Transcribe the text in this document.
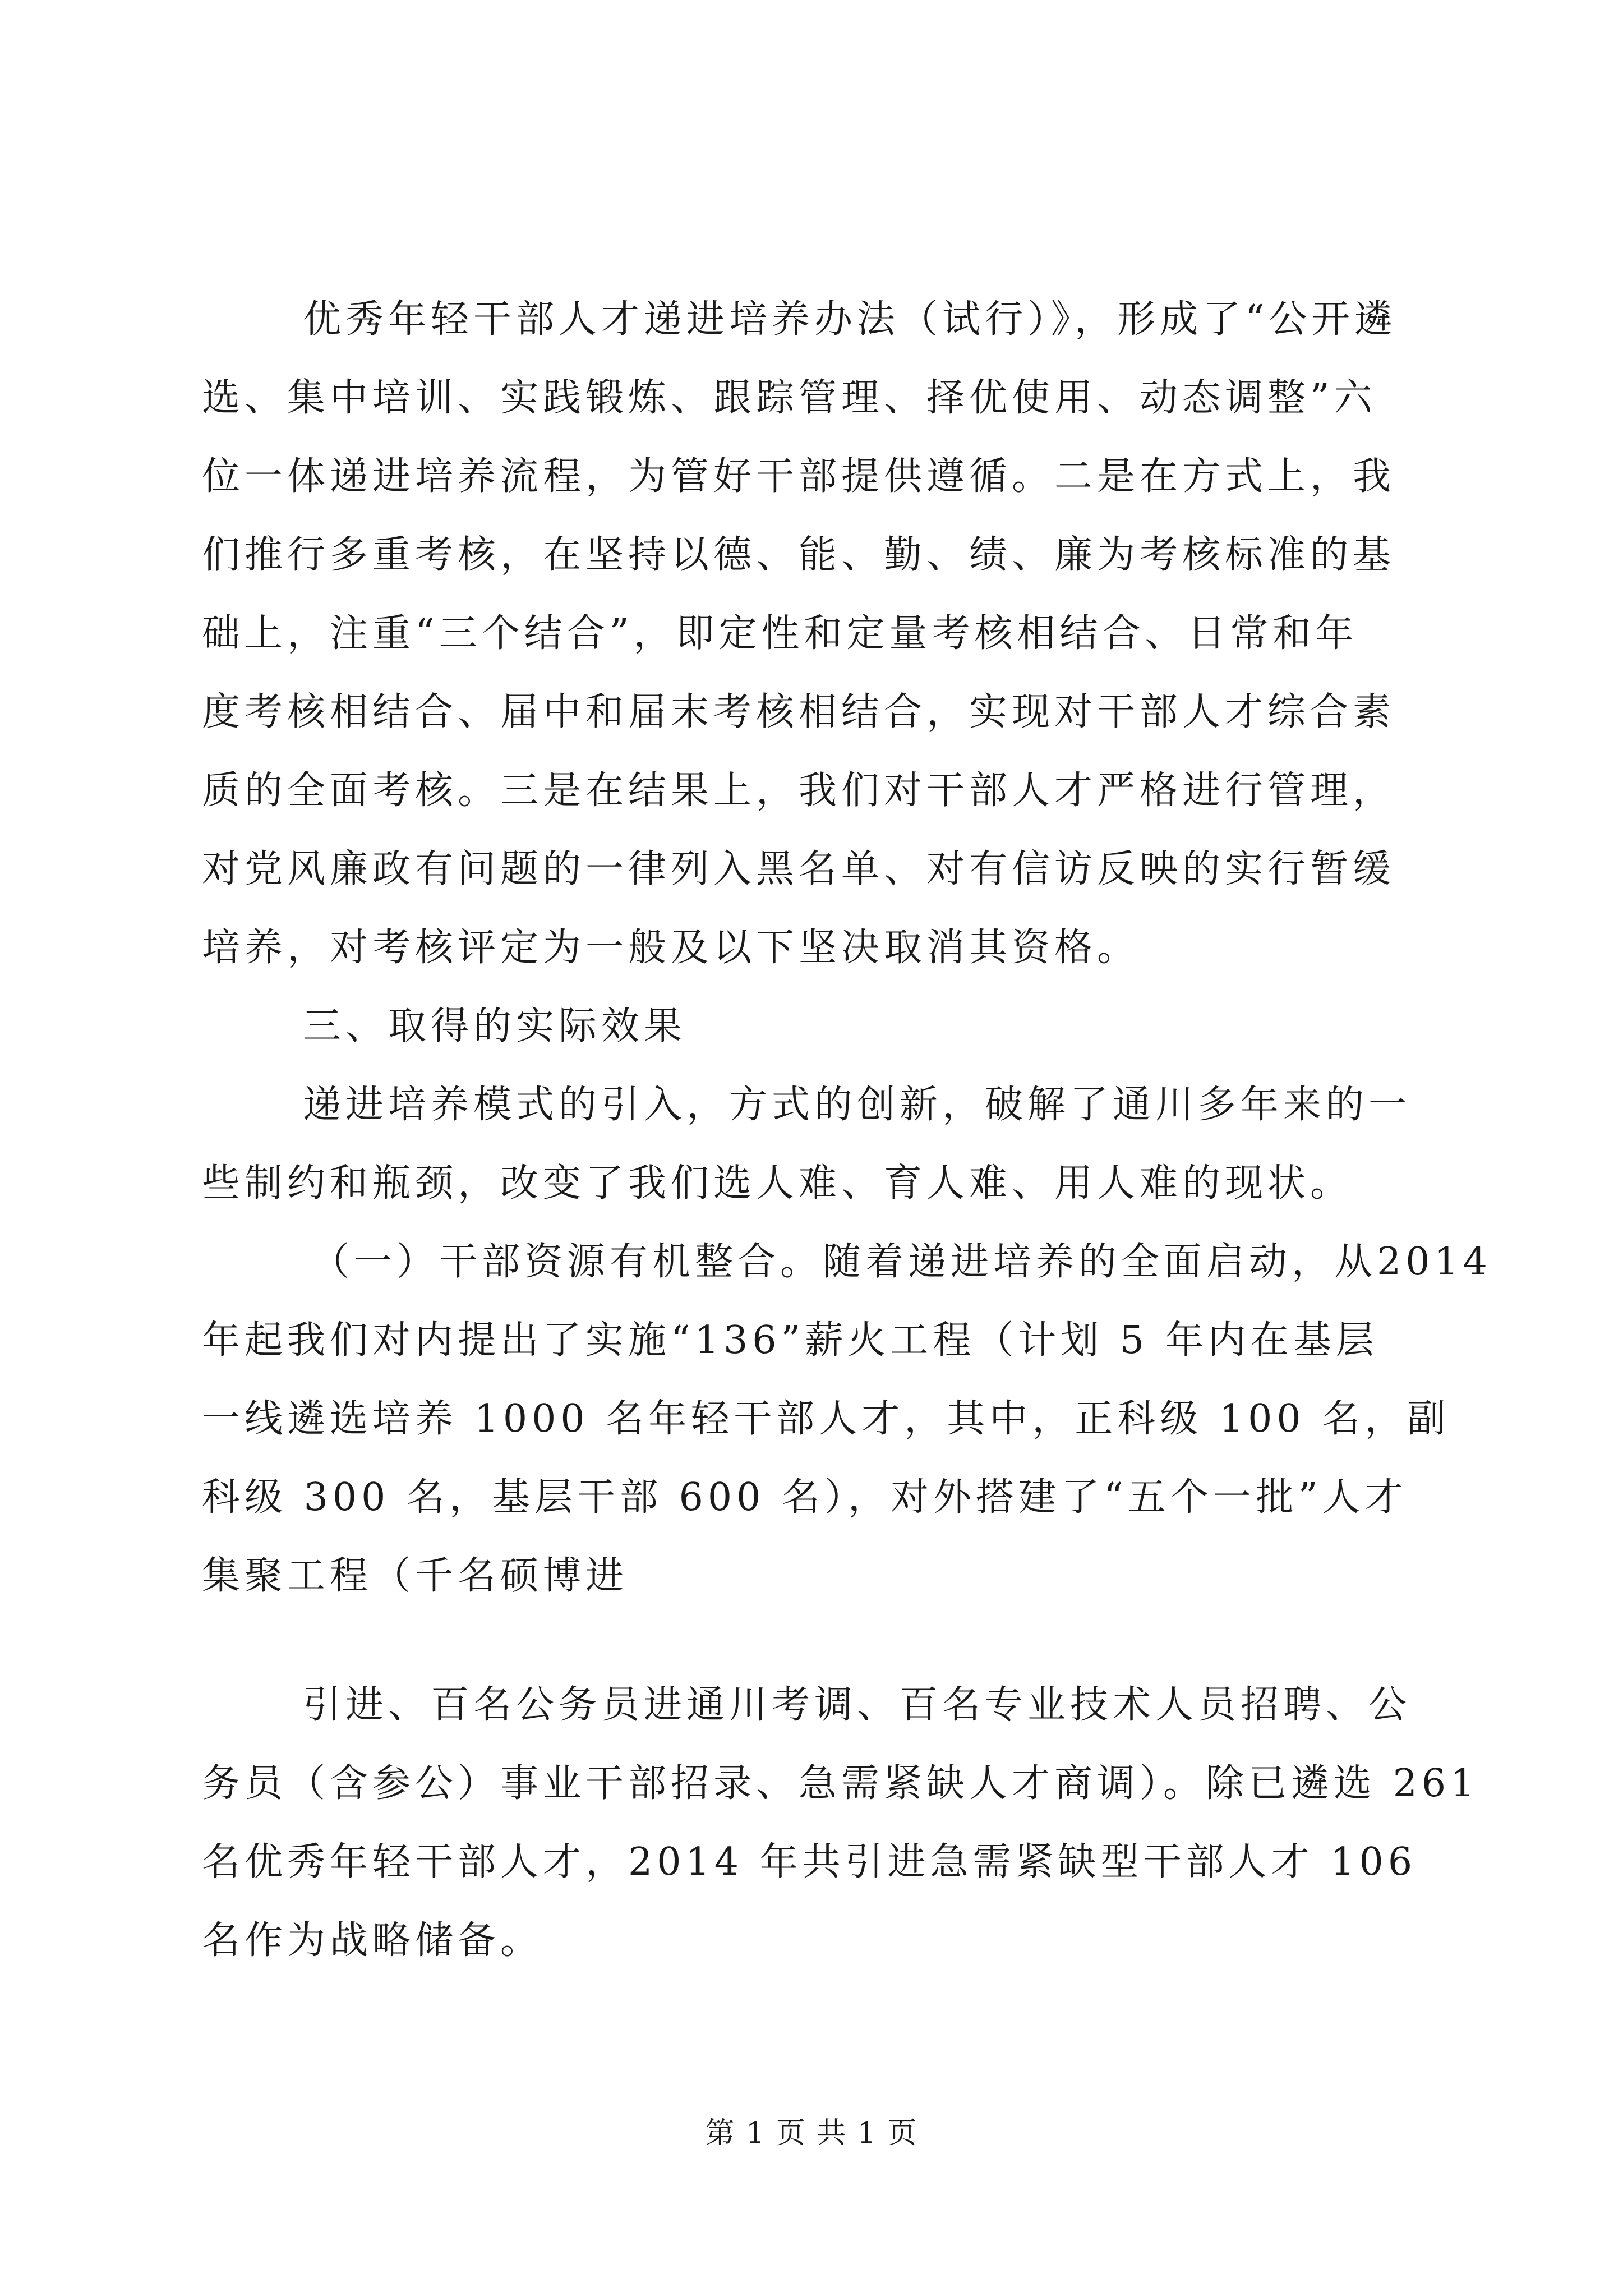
优秀年轻干部人才递进培养办法（试行）》，形成了“公开遴
选、集中培训、实践锻炼、跟踪管理、择优使用、动态调整”六
位一体递进培养流程，为管好干部提供遵循。二是在方式上，我
们推行多重考核，在坚持以德、能、勤、绩、廉为考核标准的基
础上，注重“三个结合”，即定性和定量考核相结合、日常和年
度考核相结合、届中和届末考核相结合，实现对干部人才综合素
质的全面考核。三是在结果上，我们对干部人才严格进行管理，
对党风廉政有问题的一律列入黑名单、对有信访反映的实行暂缓
培养，对考核评定为一般及以下坚决取消其资格。
三、取得的实际效果
递进培养模式的引入，方式的创新，破解了通川多年来的一
些制约和瓶颈，改变了我们选人难、育人难、用人难的现状。
（一）干部资源有机整合。随着递进培养的全面启动，从2014
年起我们对内提出了实施“136”薪火工程（计划 5 年内在基层
一线遴选培养 1000 名年轻干部人才，其中，正科级 100 名，副
科级 300 名，基层干部 600 名），对外搭建了“五个一批”人才
集聚工程（千名硕博进
引进、百名公务员进通川考调、百名专业技术人员招聘、公
务员（含参公）事业干部招录、急需紧缺人才商调）。除已遴选 261
名优秀年轻干部人才，2014 年共引进急需紧缺型干部人才 106
名作为战略储备。
第 1 页 共 1 页
